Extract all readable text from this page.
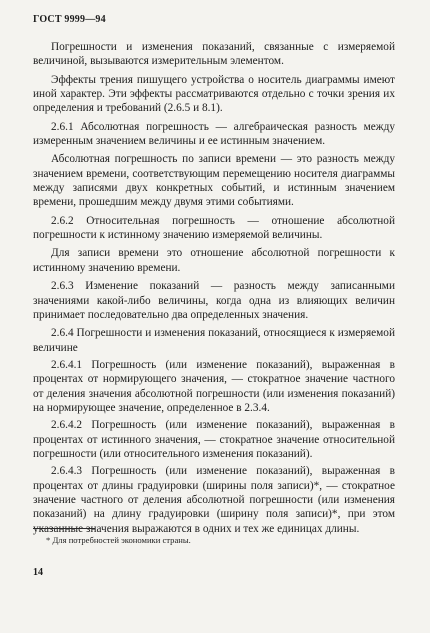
ГОСТ 9999—94

Погрешности и изменения показаний, связанные с измеряемой величиной, вызываются измерительным элементом.

Эффекты трения пишущего устройства о носитель диаграммы имеют иной характер. Эти эффекты рассматриваются отдельно с точки зрения их определения и требований (2.6.5 и 8.1).

2.6.1 Абсолютная погрешность — алгебраическая разность между измеренным значением величины и ее истинным значением.

Абсолютная погрешность по записи времени — это разность между значением времени, соответствующим перемещению носителя диаграммы между записями двух конкретных событий, и истинным значением времени, прошедшим между двумя этими событиями.

2.6.2 Относительная погрешность — отношение абсолютной погрешности к истинному значению измеряемой величины.

Для записи времени это отношение абсолютной погрешности к истинному значению времени.

2.6.3 Изменение показаний — разность между записанными значениями какой-либо величины, когда одна из влияющих величин принимает последовательно два определенных значения.

2.6.4 Погрешности и изменения показаний, относящиеся к измеряемой величине

2.6.4.1 Погрешность (или изменение показаний), выраженная в процентах от нормирующего значения, — стократное значение частного от деления значения абсолютной погрешности (или изменения показаний) на нормирующее значение, определенное в 2.3.4.

2.6.4.2 Погрешность (или изменение показаний), выраженная в процентах от истинного значения, — стократное значение относительной погрешности (или относительного изменения показаний).

2.6.4.3 Погрешность (или изменение показаний), выраженная в процентах от длины градуировки (ширины поля записи)*, — стократное значение частного от деления абсолютной погрешности (или изменения показаний) на длину градуировки (ширину поля записи)*, при этом указанные значения выражаются в одних и тех же единицах длины.

* Для потребностей экономики страны.
14
